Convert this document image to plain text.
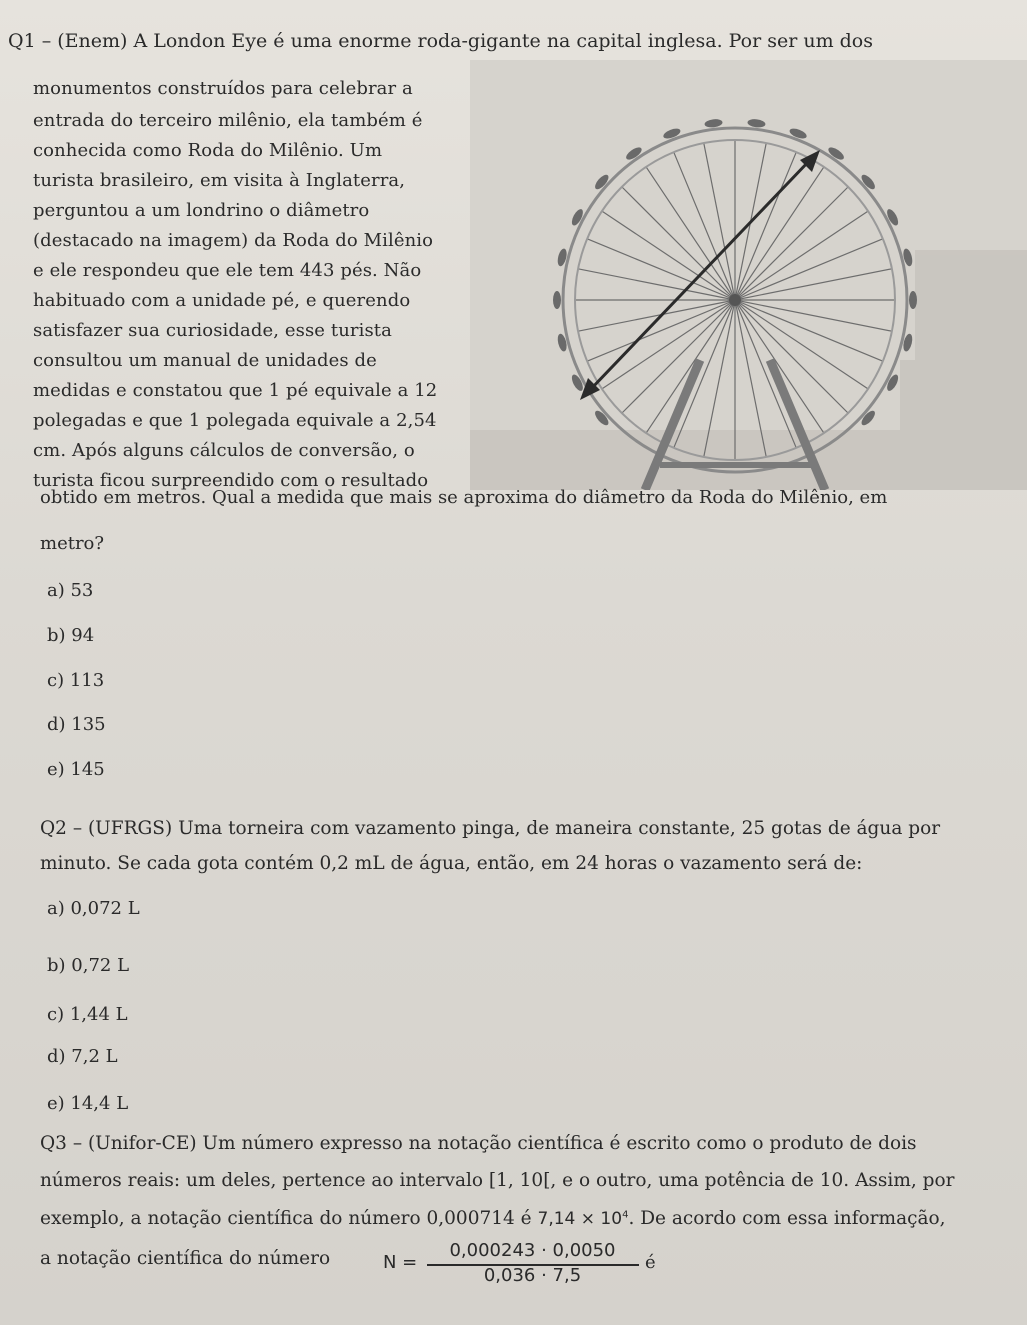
Q1 – (Enem) A London Eye é uma enorme roda-gigante na capital inglesa. Por ser um dos
monumentos construídos para celebrar a
entrada do terceiro milênio, ela também é
conhecida como Roda do Milênio. Um
turista brasileiro, em visita à Inglaterra,
perguntou a um londrino o diâmetro
(destacado na imagem) da Roda do Milênio
e ele respondeu que ele tem 443 pés. Não
habituado com a unidade pé, e querendo
satisfazer sua curiosidade, esse turista
consultou um manual de unidades de
medidas e constatou que 1 pé equivale a 12
polegadas e que 1 polegada equivale a 2,54
cm. Após alguns cálculos de conversão, o
turista ficou surpreendido com o resultado
obtido em metros. Qual a medida que mais se aproxima do diâmetro da Roda do Milênio, em
metro?
a) 53
b) 94
c) 113
d) 135
e) 145
Q2 – (UFRGS) Uma torneira com vazamento pinga, de maneira constante, 25 gotas de água por
minuto. Se cada gota contém 0,2 mL de água, então, em 24 horas o vazamento será de:
a) 0,072 L
b) 0,72 L
c) 1,44 L
d) 7,2 L
e) 14,4 L
Q3 – (Unifor-CE) Um número expresso na notação científica é escrito como o produto de dois
números reais: um deles, pertence ao intervalo [1, 10[, e o outro, uma potência de 10. Assim, por
exemplo, a notação científica do número 0,000714 é $7,14 \times 10^4$. De acordo com essa informação,
a notação científica do número	N =
0,000243 · 0,0050
0,036 · 7,5
é
